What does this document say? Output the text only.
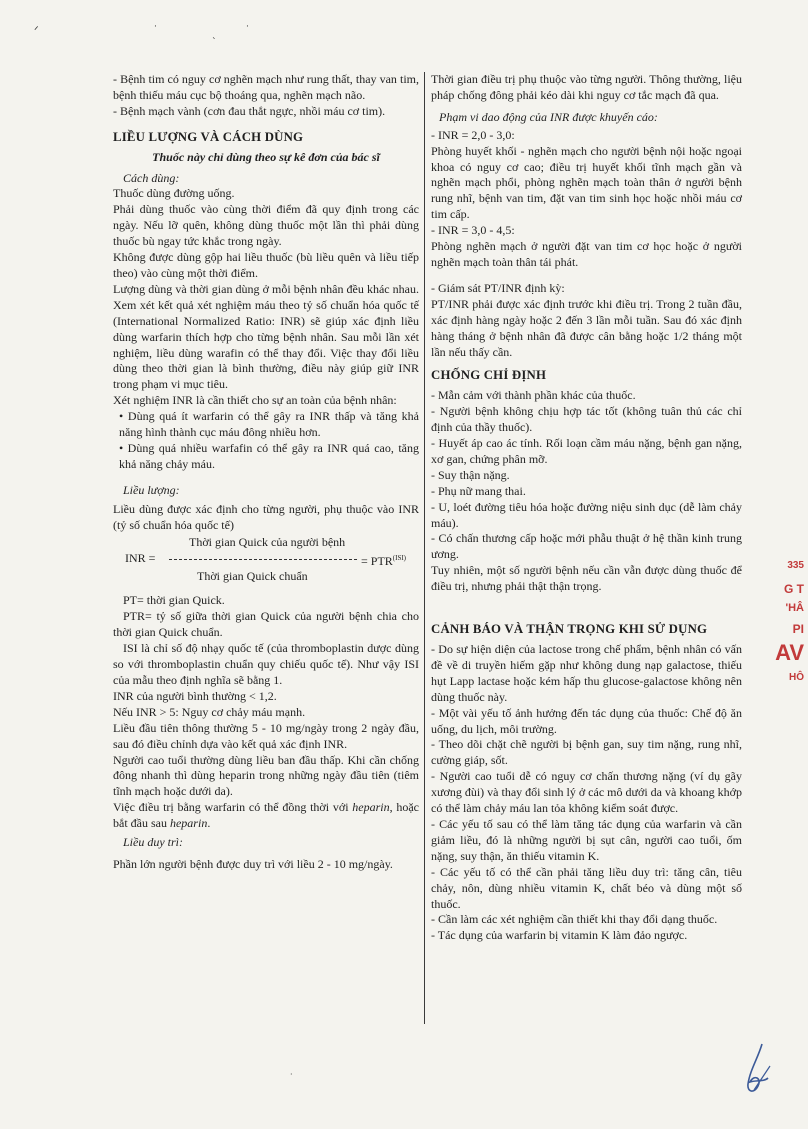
ᐟ	·
ˎ
·

- Bệnh tim có nguy cơ nghẽn mạch như rung thất, thay van tim, bệnh thiếu máu cục bộ thoáng qua, nghẽn mạch não.

- Bệnh mạch vành (cơn đau thắt ngực, nhồi máu cơ tim).

LIỀU LƯỢNG VÀ CÁCH DÙNG

Thuốc này chỉ dùng theo sự kê đơn của bác sĩ

Cách dùng:

Thuốc dùng đường uống.

Phải dùng thuốc vào cùng thời điểm đã quy định trong các ngày. Nếu lỡ quên, không dùng thuốc một lần thì phải dùng thuốc bù ngay tức khắc trong ngày.

Không được dùng gộp hai liều thuốc (bù liều quên và liều tiếp theo) vào cùng một thời điểm.

Lượng dùng và thời gian dùng ở mỗi bệnh nhân đều khác nhau. Xem xét kết quả xét nghiệm máu theo tỷ số chuẩn hóa quốc tế (International Normalized Ratio: INR) sẽ giúp xác định liều dùng warfarin thích hợp cho từng bệnh nhân. Sau mỗi lần xét nghiệm, liều dùng warafin có thể thay đổi. Việc thay đổi liều dùng theo thời gian là bình thường, điều này giúp giữ INR trong phạm vi mục tiêu.

Xét nghiệm INR là cần thiết cho sự an toàn của bệnh nhân:

• Dùng quá ít warfarin có thể gây ra INR thấp và tăng khả năng hình thành cục máu đông nhiều hơn.

• Dùng quá nhiều warfafin có thể gây ra INR quá cao, tăng khả năng chảy máu.

Liều lượng:

Liều dùng được xác định cho từng người, phụ thuộc vào INR (tỷ số chuẩn hóa quốc tế)

Thời gian Quick của người bệnh
INR =	= $PTR^{(ISI)}$
Thời gian Quick chuẩn

PT= thời gian Quick.

PTR= tỷ số giữa thời gian Quick của người bệnh chia cho thời gian Quick chuẩn.

ISI là chỉ số độ nhạy quốc tế (của thromboplastin dược dùng so với thromboplastin chuẩn quy chiếu quốc tế). Như vậy ISI của mẫu theo định nghĩa sẽ bằng 1.

INR của người bình thường < 1,2.

Nếu INR > 5: Nguy cơ chảy máu mạnh.

Liều đầu tiên thông thường 5 - 10 mg/ngày trong 2 ngày đầu, sau đó điều chỉnh dựa vào kết quả xác định INR.

Người cao tuổi thường dùng liều ban đầu thấp. Khi cần chống đông nhanh thì dùng heparin trong những ngày đầu tiên (tiêm tĩnh mạch hoặc dưới da).

Việc điều trị bằng warfarin có thể đồng thời với heparin, hoặc bắt đầu sau heparin.

Liều duy trì:

Phần lớn người bệnh được duy trì với liều 2 - 10 mg/ngày.

Thời gian điều trị phụ thuộc vào từng người. Thông thường, liệu pháp chống đông phải kéo dài khi nguy cơ tắc mạch đã qua.

Phạm vi dao động của INR được khuyến cáo:

- INR = 2,0 - 3,0:

Phòng huyết khối - nghẽn mạch cho người bệnh nội hoặc ngoại khoa có nguy cơ cao; điều trị huyết khối tĩnh mạch gần và nghẽn mạch phổi, phòng nghẽn mạch toàn thân ở người bệnh rung nhĩ, bệnh van tim, đặt van tim sinh học hoặc nhồi máu cơ tim cấp.

- INR = 3,0 - 4,5:

Phòng nghẽn mạch ở người đặt van tim cơ học hoặc ở người nghẽn mạch toàn thân tái phát.

- Giám sát PT/INR định kỳ:

PT/INR phải được xác định trước khi điều trị. Trong 2 tuần đầu, xác định hàng ngày hoặc 2 đến 3 lần mỗi tuần. Sau đó xác định hàng tháng ở bệnh nhân đã được cân bằng hoặc 1/2 tháng một lần nếu thấy cần.

CHỐNG CHỈ ĐỊNH

- Mẫn cảm với thành phần khác của thuốc.

- Người bệnh không chịu hợp tác tốt (không tuân thủ các chỉ định của thầy thuốc).

- Huyết áp cao ác tính. Rối loạn cầm máu nặng, bệnh gan nặng, xơ gan, chứng phân mỡ.

- Suy thận nặng.

- Phụ nữ mang thai.

- U, loét đường tiêu hóa hoặc đường niệu sinh dục (dễ làm chảy máu).

- Có chấn thương cấp hoặc mới phẫu thuật ở hệ thần kinh trung ương.

Tuy nhiên, một số người bệnh nếu cần vẫn được dùng thuốc để điều trị, nhưng phải thật thận trọng.

CẢNH BÁO VÀ THẬN TRỌNG KHI SỬ DỤNG

- Do sự hiện diện của lactose trong chế phẩm, bệnh nhân có vấn đề về di truyền hiếm gặp như không dung nạp galactose, thiếu hụt Lapp lactase hoặc kém hấp thu glucose-galactose không nên dùng thuốc này.

- Một vài yếu tố ảnh hưởng đến tác dụng của thuốc: Chế độ ăn uống, du lịch, môi trường.

- Theo dõi chặt chẽ người bị bệnh gan, suy tim nặng, rung nhĩ, cường giáp, sốt.

- Người cao tuổi dễ có nguy cơ chấn thương nặng (ví dụ gãy xương đùi) và thay đổi sinh lý ở các mô dưới da và khoang khớp có thể làm chảy máu lan tỏa không kiểm soát được.

- Các yếu tố sau có thể làm tăng tác dụng của warfarin và cần giảm liều, đó là những người bị sụt cân, người cao tuổi, ốm nặng, suy thận, ăn thiếu vitamin K.

- Các yếu tố có thể cần phải tăng liều duy trì: tăng cân, tiêu chảy, nôn, dùng nhiều vitamin K, chất béo và dùng một số thuốc.

- Cần làm các xét nghiệm cần thiết khi thay đổi dạng thuốc.

- Tác dụng của warfarin bị vitamin K làm đảo ngược.

335
G T
'HÂ
PI
AV
HÔ
·
